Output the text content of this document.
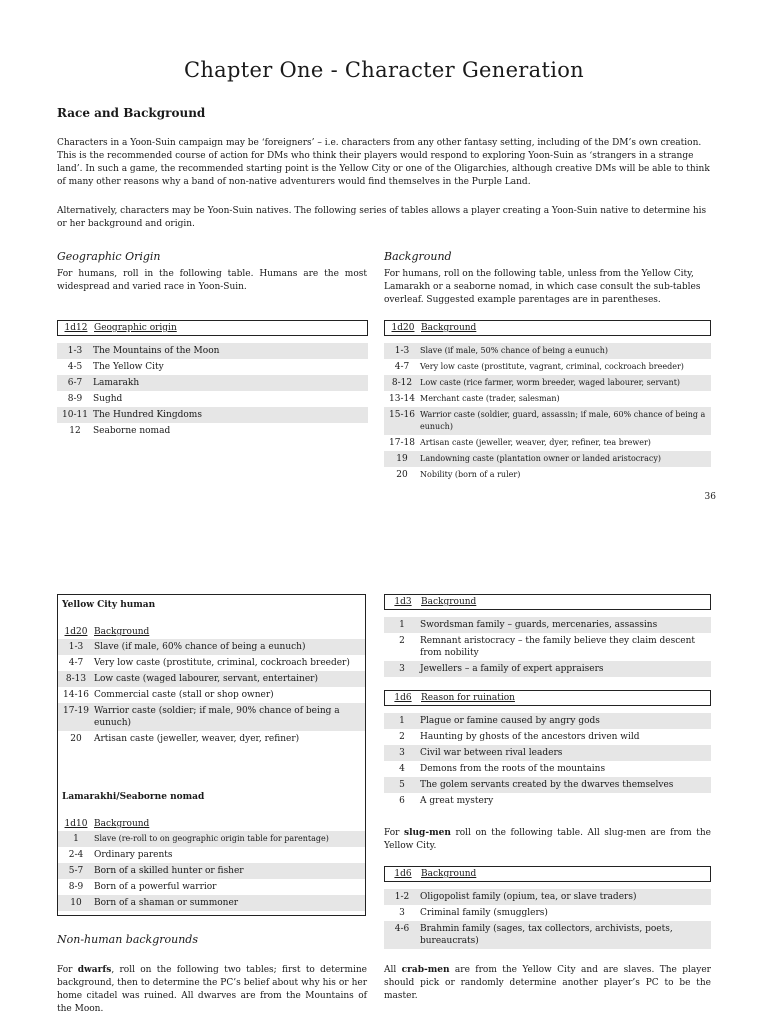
Chapter One - Character Generation
Race and Background
Characters in a Yoon-Suin campaign may be ‘foreigners’ – i.e. characters from any other fantasy setting, including of the DM’s own creation. This is the recommended course of action for DMs who think their players would respond to exploring Yoon-Suin as ‘strangers in a strange land’. In such a game, the recommended starting point is the Yellow City or one of the Oligarchies, although creative DMs will be able to think of many other reasons why a band of non-native adventurers would find themselves in the Purple Land.
Alternatively, characters may be Yoon-Suin natives. The following series of tables allows a player creating a Yoon-Suin native to determine his or her background and origin.
Geographic Origin
For humans, roll in the following table. Humans are the most widespread and varied race in Yoon-Suin.
1d12 Geographic origin
1-3	The Mountains of the Moon
4-5	The Yellow City
6-7	Lamarakh
8-9	Sughd
10-11 The Hundred Kingdoms
12	Seaborne nomad
Background
For humans, roll on the following table, unless from the Yellow City, Lamarakh or a seaborne nomad, in which case consult the sub-tables overleaf. Suggested example parentages are in parentheses.
1d20 Background
1-3	Slave (if male, 50% chance of being a eunuch)
4-7	Very low caste (prostitute, vagrant, criminal, cockroach breeder)
8-12 Low caste (rice farmer, worm breeder, waged labourer, servant)
13-14 Merchant caste (trader, salesman)
15-16 Warrior caste (soldier, guard, assassin; if male, 60% chance of being a eunuch)
17-18 Artisan caste (jeweller, weaver, dyer, refiner, tea brewer)
19	Landowning caste (plantation owner or landed aristocracy)
20	Nobility (born of a ruler)
36
Yellow City human
1d20 Background
1-3	Slave (if male, 60% chance of being a eunuch)
4-7	Very low caste (prostitute, criminal, cockroach breeder)
8-13 Low caste (waged labourer, servant, entertainer)
14-16 Commercial caste (stall or shop owner)
17-19 Warrior caste (soldier; if male, 90% chance of being a eunuch)
20	Artisan caste (jeweller, weaver, dyer, refiner)
Lamarakhi/Seaborne nomad
1d10 Background
1	Slave (re-roll to on geographic origin table for parentage)
2-4	Ordinary parents
5-7	Born of a skilled hunter or fisher
8-9	Born of a powerful warrior
10	Born of a shaman or summoner
Non-human backgrounds
For dwarfs, roll on the following two tables; first to determine background, then to determine the PC’s belief about why his or her home citadel was ruined. All dwarves are from the Mountains of the Moon.
1d3	Background
1	Swordsman family – guards, mercenaries, assassins
2	Remnant aristocracy – the family believe they claim descent from nobility
3	Jewellers – a family of expert appraisers
1d6	Reason for ruination
1	Plague or famine caused by angry gods
2	Haunting by ghosts of the ancestors driven wild
3	Civil war between rival leaders
4	Demons from the roots of the mountains
5	The golem servants created by the dwarves themselves
6	A great mystery
For slug-men roll on the following table. All slug-men are from the Yellow City.
1d6	Background
1-2	Oligopolist family (opium, tea, or slave traders)
3	Criminal family (smugglers)
4-6	Brahmin family (sages, tax collectors, archivists, poets, bureaucrats)
All crab-men are from the Yellow City and are slaves. The player should pick or randomly determine another player’s PC to be the master.
